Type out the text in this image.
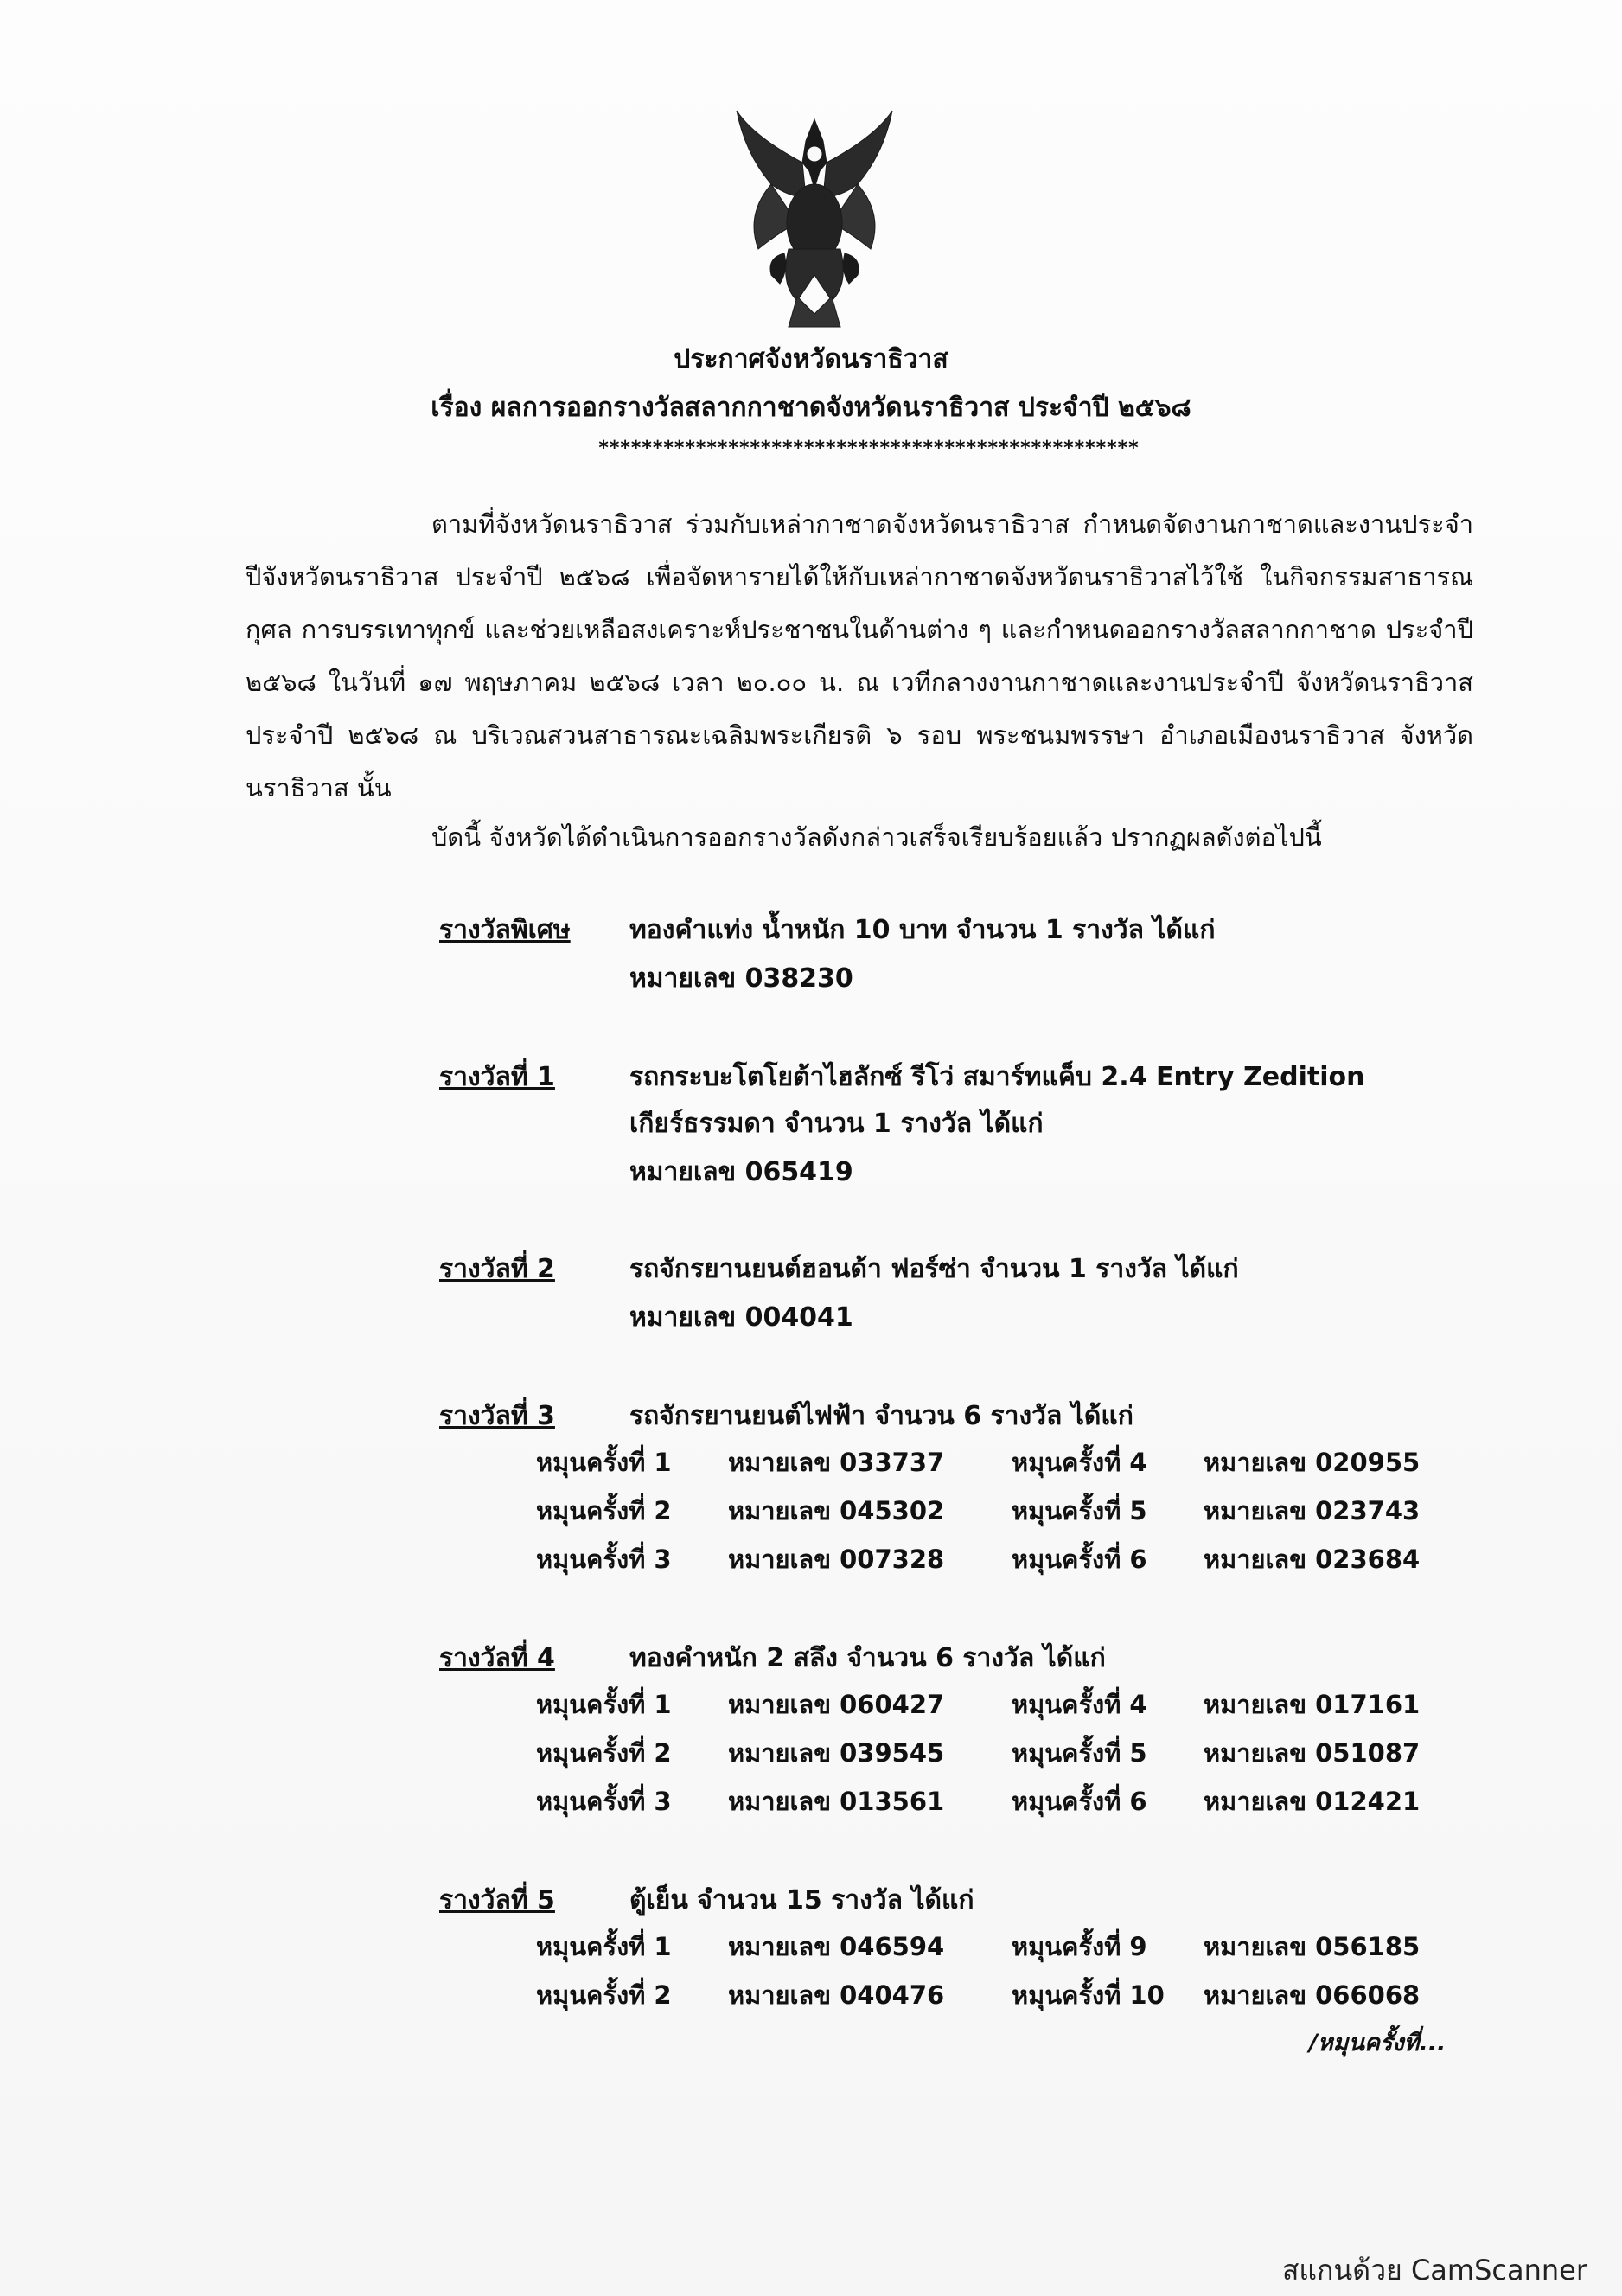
ประกาศจังหวัดนราธิวาส
เรื่อง ผลการออกรางวัลสลากกาชาดจังหวัดนราธิวาส ประจำปี ๒๕๖๘
**************************************************
ตามที่จังหวัดนราธิวาส ร่วมกับเหล่ากาชาดจังหวัดนราธิวาส กำหนดจัดงานกาชาดและงานประจำปีจังหวัดนราธิวาส ประจำปี ๒๕๖๘ เพื่อจัดหารายได้ให้กับเหล่ากาชาดจังหวัดนราธิวาสไว้ใช้ ในกิจกรรมสาธารณกุศล การบรรเทาทุกข์ และช่วยเหลือสงเคราะห์ประชาชนในด้านต่าง ๆ และกำหนดออกรางวัลสลากกาชาด ประจำปี ๒๕๖๘ ในวันที่ ๑๗ พฤษภาคม ๒๕๖๘ เวลา ๒๐.๐๐ น. ณ เวทีกลางงานกาชาดและงานประจำปี จังหวัดนราธิวาส ประจำปี ๒๕๖๘ ณ บริเวณสวนสาธารณะเฉลิมพระเกียรติ ๖ รอบ พระชนมพรรษา อำเภอเมืองนราธิวาส จังหวัดนราธิวาส นั้น
บัดนี้ จังหวัดได้ดำเนินการออกรางวัลดังกล่าวเสร็จเรียบร้อยแล้ว ปรากฏผลดังต่อไปนี้
รางวัลพิเศษ ทองคำแท่ง น้ำหนัก 10 บาท จำนวน 1 รางวัล ได้แก่
หมายเลข 038230
รางวัลที่ 1	รถกระบะโตโยต้าไฮลักซ์ รีโว่ สมาร์ทแค็บ 2.4 Entry Zedition
เกียร์ธรรมดา จำนวน 1 รางวัล ได้แก่
หมายเลข 065419
รางวัลที่ 2	รถจักรยานยนต์ฮอนด้า ฟอร์ซ่า จำนวน 1 รางวัล ได้แก่
หมายเลข 004041
รางวัลที่ 3	รถจักรยานยนต์ไฟฟ้า จำนวน 6 รางวัล ได้แก่
หมุนครั้งที่ 1 หมายเลข 033737	หมุนครั้งที่ 4 หมายเลข 020955
หมุนครั้งที่ 2 หมายเลข 045302	หมุนครั้งที่ 5 หมายเลข 023743
หมุนครั้งที่ 3 หมายเลข 007328	หมุนครั้งที่ 6 หมายเลข 023684
รางวัลที่ 4	ทองคำหนัก 2 สลึง จำนวน 6 รางวัล ได้แก่
หมุนครั้งที่ 1 หมายเลข 060427	หมุนครั้งที่ 4 หมายเลข 017161
หมุนครั้งที่ 2 หมายเลข 039545	หมุนครั้งที่ 5 หมายเลข 051087
หมุนครั้งที่ 3 หมายเลข 013561	หมุนครั้งที่ 6 หมายเลข 012421
รางวัลที่ 5	ตู้เย็น จำนวน 15 รางวัล ได้แก่
หมุนครั้งที่ 1 หมายเลข 046594	หมุนครั้งที่ 9 หมายเลข 056185
หมุนครั้งที่ 2 หมายเลข 040476	หมุนครั้งที่ 10 หมายเลข 066068
/หมุนครั้งที่...
สแกนด้วย CamScanner
